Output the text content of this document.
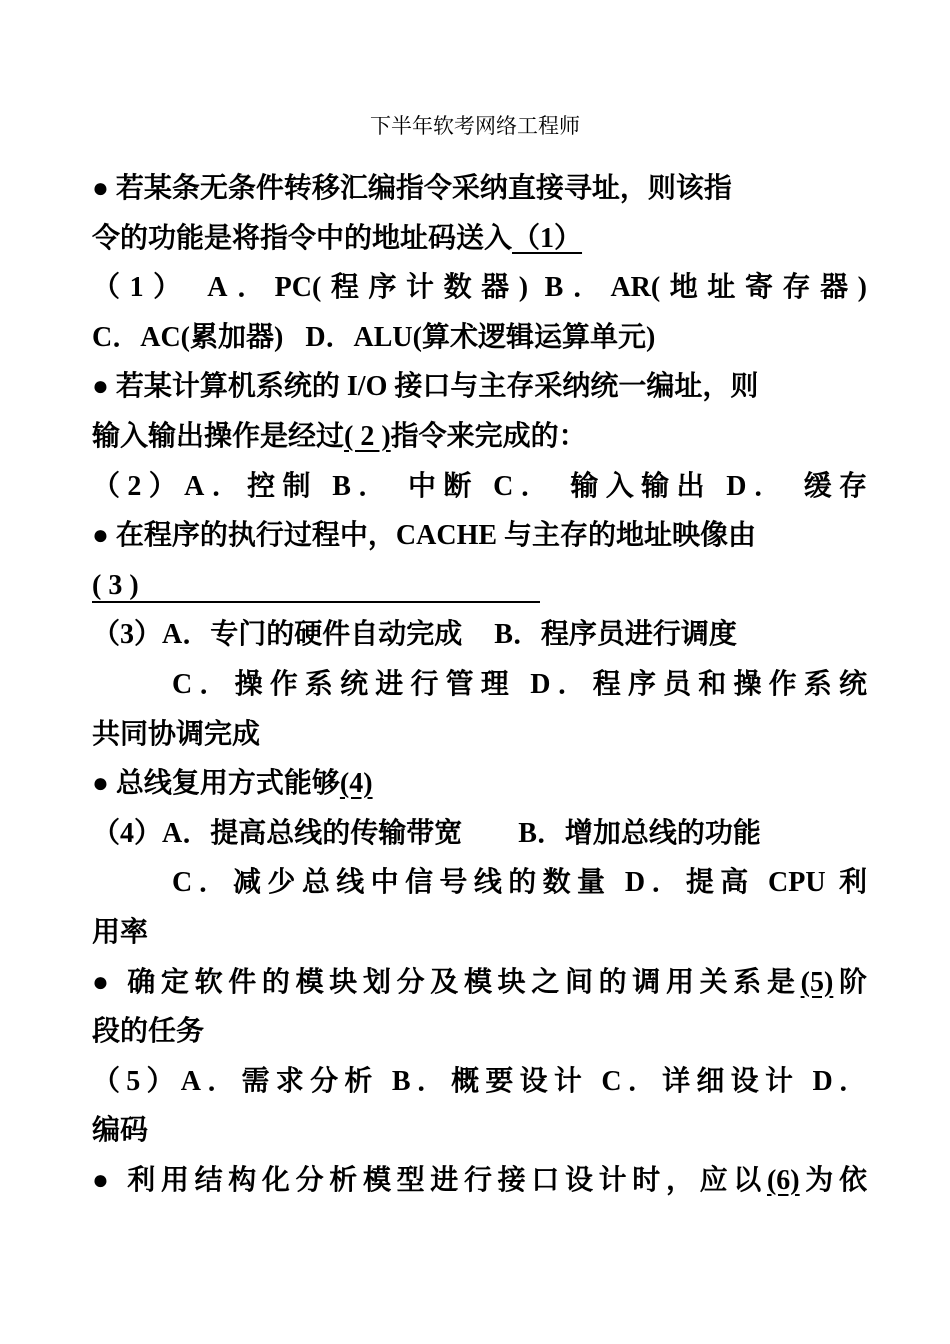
下半年软考网络工程师
● 若某条无条件转移汇编指令采纳直接寻址，则该指
令的功能是将指令中的地址码送入（1）
（1） A．PC(程序计数器) B．AR(地址寄存器)
C．AC(累加器) D．ALU(算术逻辑运算单元)
● 若某计算机系统的 I/O 接口与主存采纳统一编址，则
输入输出操作是经过( 2 )指令来完成的：
（2）A．控制 B． 中断 C． 输入输出 D． 缓存
● 在程序的执行过程中，CACHE 与主存的地址映像由
( 3 )
（3）A．专门的硬件自动完成 B．程序员进行调度
C．操作系统进行管理 D．程序员和操作系统
共同协调完成
● 总线复用方式能够(4)
（4）A．提高总线的传输带宽 B．增加总线的功能
C．减少总线中信号线的数量 D．提高 CPU 利
用率
● 确定软件的模块划分及模块之间的调用关系是(5)阶
段的任务
（5）A．需求分析 B．概要设计 C．详细设计 D．
编码
● 利用结构化分析模型进行接口设计时，应以(6)为依
